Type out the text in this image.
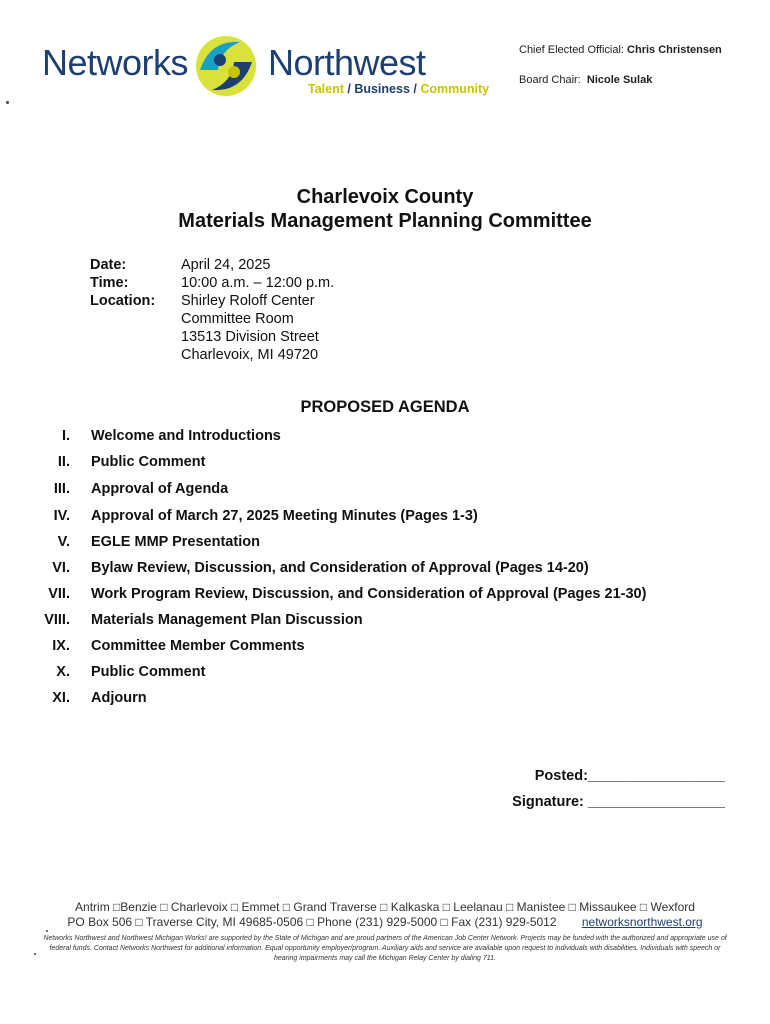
Networks Northwest
Talent / Business / Community
Chief Elected Official: Chris Christensen
Board Chair: Nicole Sulak
Charlevoix County
Materials Management Planning Committee
Date:
Time:
Location:
April 24, 2025
10:00 a.m. – 12:00 p.m.
Shirley Roloff Center
Committee Room
13513 Division Street
Charlevoix, MI 49720
PROPOSED AGENDA
I. Welcome and Introductions
II. Public Comment
III. Approval of Agenda
IV. Approval of March 27, 2025 Meeting Minutes (Pages 1-3)
V. EGLE MMP Presentation
VI. Bylaw Review, Discussion, and Consideration of Approval (Pages 14-20)
VII. Work Program Review, Discussion, and Consideration of Approval (Pages 21-30)
VIII. Materials Management Plan Discussion
IX. Committee Member Comments
X. Public Comment
XI. Adjourn
Posted:_________________
Signature: _________________
Antrim □Benzie □ Charlevoix □ Emmet □ Grand Traverse □ Kalkaska □ Leelanau □ Manistee □ Missaukee □ Wexford
PO Box 506 □ Traverse City, MI 49685-0506 □ Phone (231) 929-5000 □ Fax (231) 929-5012 networksnorthwest.org
Networks Northwest and Northwest Michigan Works! are supported by the State of Michigan and are proud partners of the American Job Center Network. Projects may be funded with the authorized and appropriate use of federal funds. Contact Networks Northwest for additional information. Equal opportunity employer/program. Auxiliary aids and service are available upon request to individuals with disabilities. Individuals with speech or hearing impairments may call the Michigan Relay Center by dialing 711.
